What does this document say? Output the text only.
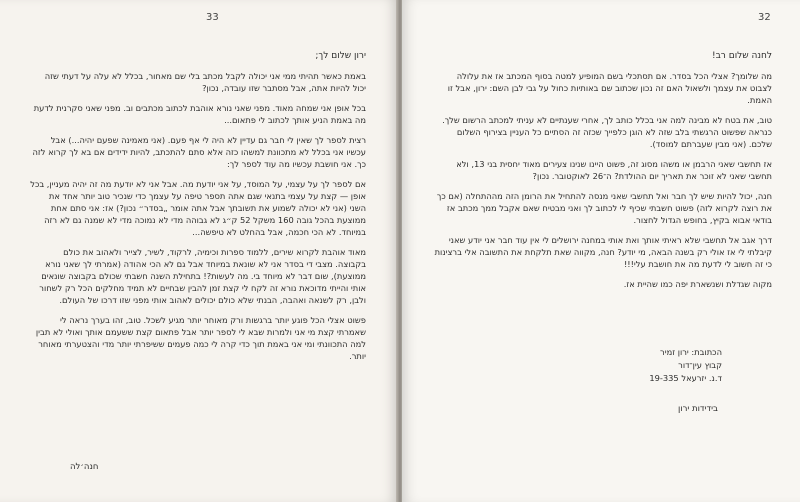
33

ירון שלום לך;

באמת כאשר תהיתי ממי אני יכולה לקבל מכתב בלי שם מאחור, בכלל לא עלה על דעתי שזה יכול להיות אתה, אבל מסתבר שזו עובדה, נכון?

בכל אופן אני שמחה מאוד. מפני שאני נורא אוהבת לכתוב מכתבים וב. מפני שאני סקרנית לדעת מה באמת הניע אותך לכתוב לי פתאום...

רצית לספר לך שאין לי חבר גם עדיין לא היה לי אף פעם. (אני מאמינה שפעם יהיה...) אבל עכשיו אני בכלל לא מתכוונת למשהו כזה אלא סתם להתכתב, להיות ידידים אם בא לך קרוא לזה כך. אני חושבת עכשיו מה עוד לספר לך:

אם לספר לך על עצמי, על המוסד, על אני יודעת מה. אבל אני לא יודעת מה זה יהיה מעניין, בכל אופן — קצת על עצמי בתנאי שגם אתה תספר טיפה על עצמך כדי שנכיר טוב יותר אחד את השני (אני לא יכולה לשמוע את תשובתך אבל אתה אומר „בסדר״ נכון?) אז: אני סתם אחת ממוצעת בהכל גובה 160 משקל 52 ק״ג לא גבוהה מדי לא נמוכה מדי לא שמנה גם לא רזה במיוחד. לא הכי חכמה, אבל בהחלט לא טיפשה...

מאוד אוהבת לקרוא שירים, ללמוד ספרות וכימיה, לרקוד, לשיר, לצייר ולאהוב את כולם בקבוצה. מצבי די בסדר אני לא שונאת במיוחד אבל גם לא הכי אהודה (אמרתי לך שאני נורא ממוצעת), שום דבר לא מיוחד בי. מה לעשות?! בתחילת השנה חשבתי שכולם בקבוצה שונאים אותי והייתי מדוכאת נורא זה לקח לי קצת זמן להבין שבחיים לא תמיד מחלקים הכל רק לשחור ולבן, רק לשנאה ואהבה, הבנתי שלא כולם יכולים לאהוב אותי מפני שזו דרכו של העולם.

פשוט אצלי הכל פוגע יותר ברגשות ורק מאוחר יותר מגיע לשכל. טוב, זהו בערך נראה לי שאמרתי קצת מי אני ולמרות שבא לי לספר יותר אבל פתאום קצת ששעמם אותך ואולי לא תבין למה התכוונתי ומי אני באמת תוך כדי קרה לי כמה פעמים ששיפרתי יותר מדי והצטערתי מאוחר יותר.

חנה׳לה
32

לחנה שלום רב!

מה שלומך? אצלי הכל בסדר. אם תסתכלי בשם המופיע למטה בסוף המכתב אז את עלולה לצבוט את עצמך ולשאול האם זה נכון שכתוב שם באותיות כחול על גבי לבן השם: ירון, אבל זו האמת.

טוב, את בטח לא מבינה למה אני בכלל כותב לך, אחרי שענתיים לא עניתי למכתב הרשום שלך. כנראה שפשוט הרגשתי בלב שזה לא הוגן כלפייך שכזה זה הסתיים כל העניין בצירוף השלום שלכם. (אני מבין שעברתם למוסד).

אז תחשבי שאני הרבמן או משהו מסוג זה, פשוט היינו שנינו צעירים מאוד יחסית בני 13, ולא תחשבי שאני לא זוכר את תאריך יום ההולדת? ה־26 לאוקטובר. נכון?

חנה, יכול להיות שיש לך חבר ואל תחשבי שאני מנסה להתחיל את הרומן הזה מההתחלה (אם כך את רוצה לקרוא לזה) פשוט חשבתי שכיף לי לכתוב לך ואני מבטיח שאם אקבל ממך מכתב אז בודאי אבוא בקיץ, בחופש הגדול לחצור.

דרך אגב אל תחשבי שלא ראיתי אותך ואת אותי במחנה ירושלים לי אין עוד חבר אני יודע שאני קיבלתי לי אז אולי רק בשנה הבאה, מי יודע? חנה, מקווה שאת תלקחת את התשובה אלי ברצינות כי זה חשוב לי לדעת מה את חושבת עלי!!!

מקוה שגדלת ושנשארת יפה כמו שהיית אז.

הכתובת: ירון זמיר
קבוץ עין־דור
ד.נ. יזרעאל 19-335
בידידות ירון
